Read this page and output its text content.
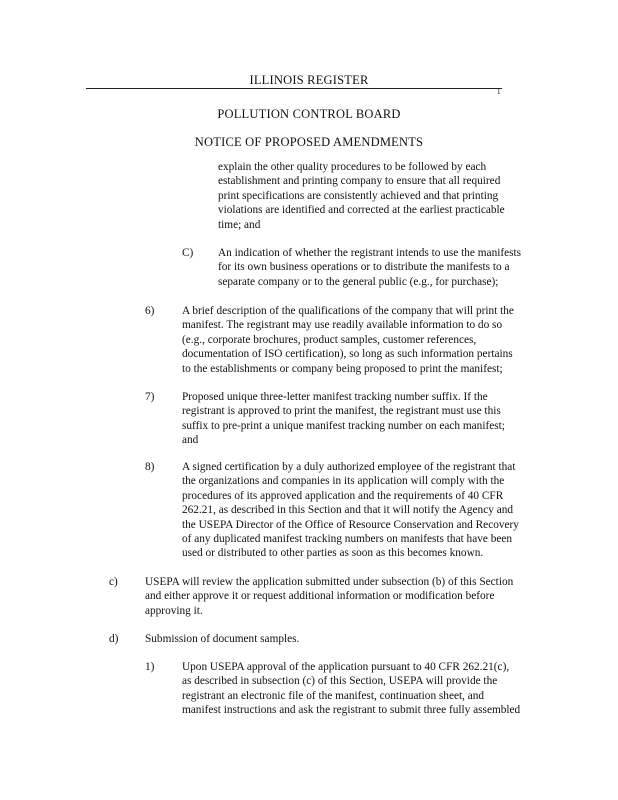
ILLINOIS REGISTER
1
POLLUTION CONTROL BOARD
NOTICE OF PROPOSED AMENDMENTS
explain the other quality procedures to be followed by each
establishment and printing company to ensure that all required
print specifications are consistently achieved and that printing
violations are identified and corrected at the earliest practicable
time; and
C) An indication of whether the registrant intends to use the manifests
for its own business operations or to distribute the manifests to a
separate company or to the general public (e.g., for purchase);
6) A brief description of the qualifications of the company that will print the
manifest. The registrant may use readily available information to do so
(e.g., corporate brochures, product samples, customer references,
documentation of ISO certification), so long as such information pertains
to the establishments or company being proposed to print the manifest;
7) Proposed unique three-letter manifest tracking number suffix. If the
registrant is approved to print the manifest, the registrant must use this
suffix to pre-print a unique manifest tracking number on each manifest;
and
8) A signed certification by a duly authorized employee of the registrant that
the organizations and companies in its application will comply with the
procedures of its approved application and the requirements of 40 CFR
262.21, as described in this Section and that it will notify the Agency and
the USEPA Director of the Office of Resource Conservation and Recovery
of any duplicated manifest tracking numbers on manifests that have been
used or distributed to other parties as soon as this becomes known.
c) USEPA will review the application submitted under subsection (b) of this Section
and either approve it or request additional information or modification before
approving it.
d) Submission of document samples.
1) Upon USEPA approval of the application pursuant to 40 CFR 262.21(c),
as described in subsection (c) of this Section, USEPA will provide the
registrant an electronic file of the manifest, continuation sheet, and
manifest instructions and ask the registrant to submit three fully assembled
